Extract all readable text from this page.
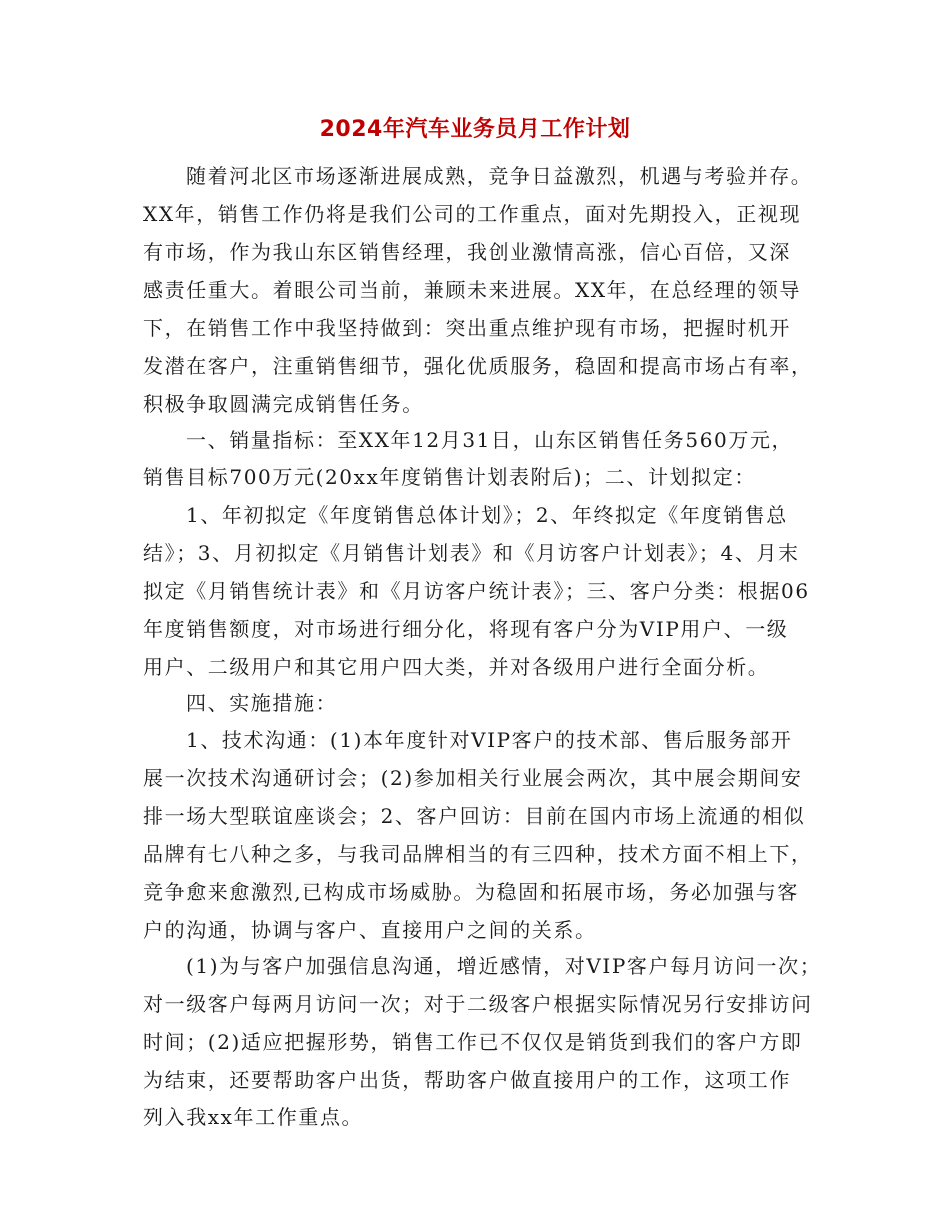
2024年汽车业务员月工作计划
随着河北区市场逐渐进展成熟，竞争日益激烈，机遇与考验并存。
XX年，销售工作仍将是我们公司的工作重点，面对先期投入，正视现
有市场，作为我山东区销售经理，我创业激情高涨，信心百倍，又深
感责任重大。着眼公司当前，兼顾未来进展。XX年，在总经理的领导
下，在销售工作中我坚持做到：突出重点维护现有市场，把握时机开
发潜在客户，注重销售细节，强化优质服务，稳固和提高市场占有率，
积极争取圆满完成销售任务。
一、销量指标：至XX年12月31日，山东区销售任务560万元，
销售目标700万元(20xx年度销售计划表附后)；二、计划拟定：
1、年初拟定《年度销售总体计划》；2、年终拟定《年度销售总
结》；3、月初拟定《月销售计划表》和《月访客户计划表》；4、月末
拟定《月销售统计表》和《月访客户统计表》；三、客户分类：根据06
年度销售额度，对市场进行细分化，将现有客户分为VIP用户、一级
用户、二级用户和其它用户四大类，并对各级用户进行全面分析。
四、实施措施：
1、技术沟通：(1)本年度针对VIP客户的技术部、售后服务部开
展一次技术沟通研讨会；(2)参加相关行业展会两次，其中展会期间安
排一场大型联谊座谈会；2、客户回访：目前在国内市场上流通的相似
品牌有七八种之多，与我司品牌相当的有三四种，技术方面不相上下，
竞争愈来愈激烈,已构成市场威胁。为稳固和拓展市场，务必加强与客
户的沟通，协调与客户、直接用户之间的关系。
(1)为与客户加强信息沟通，增近感情，对VIP客户每月访问一次；
对一级客户每两月访问一次；对于二级客户根据实际情况另行安排访问
时间；(2)适应把握形势，销售工作已不仅仅是销货到我们的客户方即
为结束，还要帮助客户出货，帮助客户做直接用户的工作，这项工作
列入我xx年工作重点。
